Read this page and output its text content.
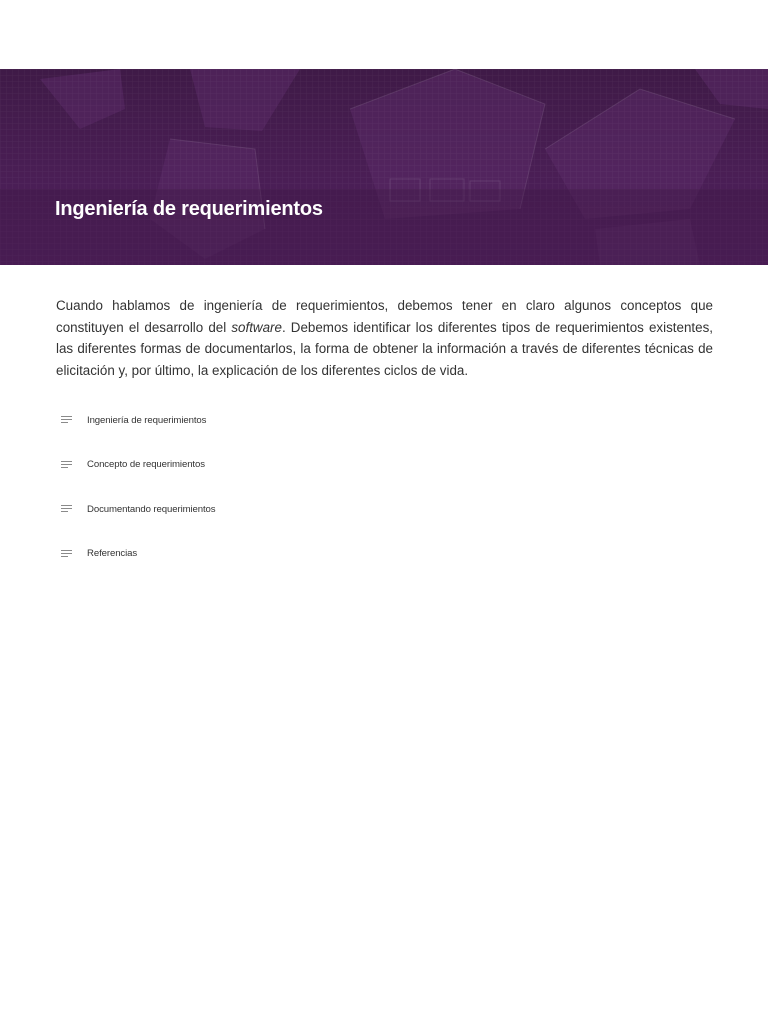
Ingeniería de requerimientos

Cuando hablamos de ingeniería de requerimientos, debemos tener en claro algunos conceptos que constituyen el desarrollo del software. Debemos identificar los diferentes tipos de requerimientos existentes, las diferentes formas de documentarlos, la forma de obtener la información a través de diferentes técnicas de elicitación y, por último, la explicación de los diferentes ciclos de vida.

Ingeniería de requerimientos
Concepto de requerimientos
Documentando requerimientos
Referencias
